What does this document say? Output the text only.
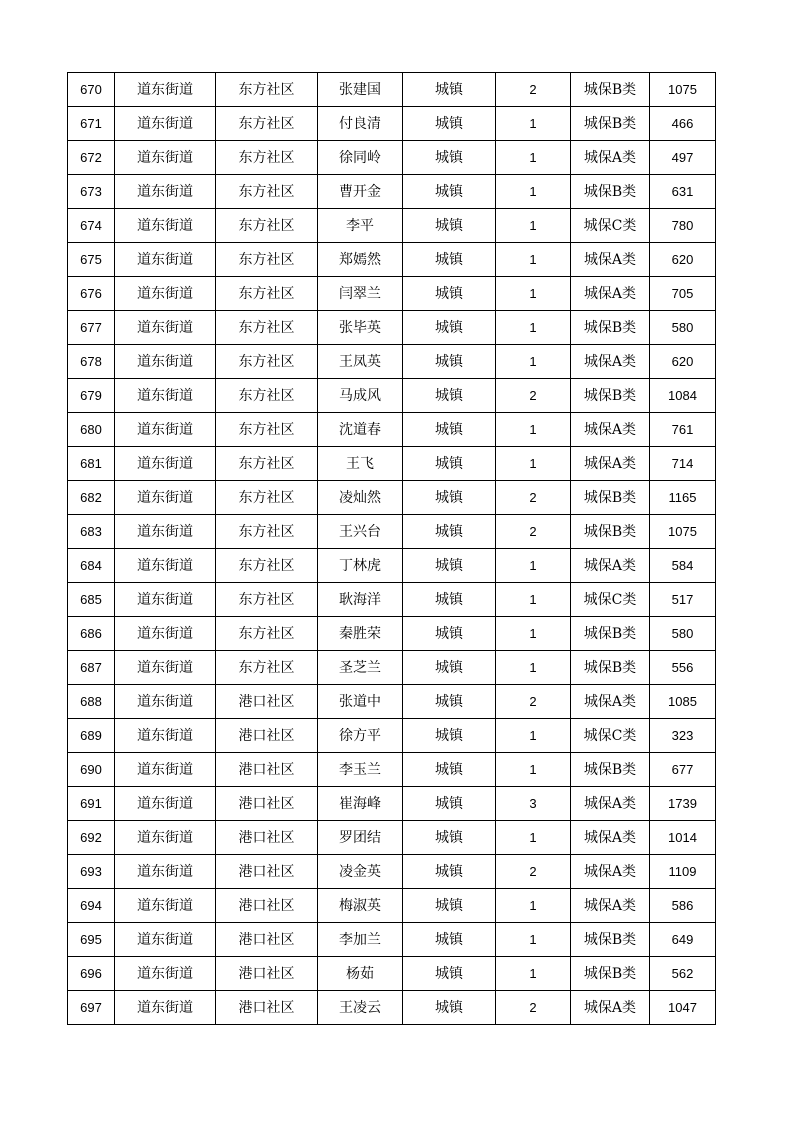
670	道东街道	东方社区	张建国	城镇	2	城保B类	1075
671	道东街道	东方社区	付良清	城镇	1	城保B类	466
672	道东街道	东方社区	徐同岭	城镇	1	城保A类	497
673	道东街道	东方社区	曹开金	城镇	1	城保B类	631
674	道东街道	东方社区	李平	城镇	1	城保C类	780
675	道东街道	东方社区	郑嫣然	城镇	1	城保A类	620
676	道东街道	东方社区	闫翠兰	城镇	1	城保A类	705
677	道东街道	东方社区	张毕英	城镇	1	城保B类	580
678	道东街道	东方社区	王凤英	城镇	1	城保A类	620
679	道东街道	东方社区	马成风	城镇	2	城保B类	1084
680	道东街道	东方社区	沈道春	城镇	1	城保A类	761
681	道东街道	东方社区	王飞	城镇	1	城保A类	714
682	道东街道	东方社区	凌灿然	城镇	2	城保B类	1165
683	道东街道	东方社区	王兴台	城镇	2	城保B类	1075
684	道东街道	东方社区	丁林虎	城镇	1	城保A类	584
685	道东街道	东方社区	耿海洋	城镇	1	城保C类	517
686	道东街道	东方社区	秦胜荣	城镇	1	城保B类	580
687	道东街道	东方社区	圣芝兰	城镇	1	城保B类	556
688	道东街道	港口社区	张道中	城镇	2	城保A类	1085
689	道东街道	港口社区	徐方平	城镇	1	城保C类	323
690	道东街道	港口社区	李玉兰	城镇	1	城保B类	677
691	道东街道	港口社区	崔海峰	城镇	3	城保A类	1739
692	道东街道	港口社区	罗团结	城镇	1	城保A类	1014
693	道东街道	港口社区	凌金英	城镇	2	城保A类	1109
694	道东街道	港口社区	梅淑英	城镇	1	城保A类	586
695	道东街道	港口社区	李加兰	城镇	1	城保B类	649
696	道东街道	港口社区	杨茹	城镇	1	城保B类	562
697	道东街道	港口社区	王凌云	城镇	2	城保A类	1047
